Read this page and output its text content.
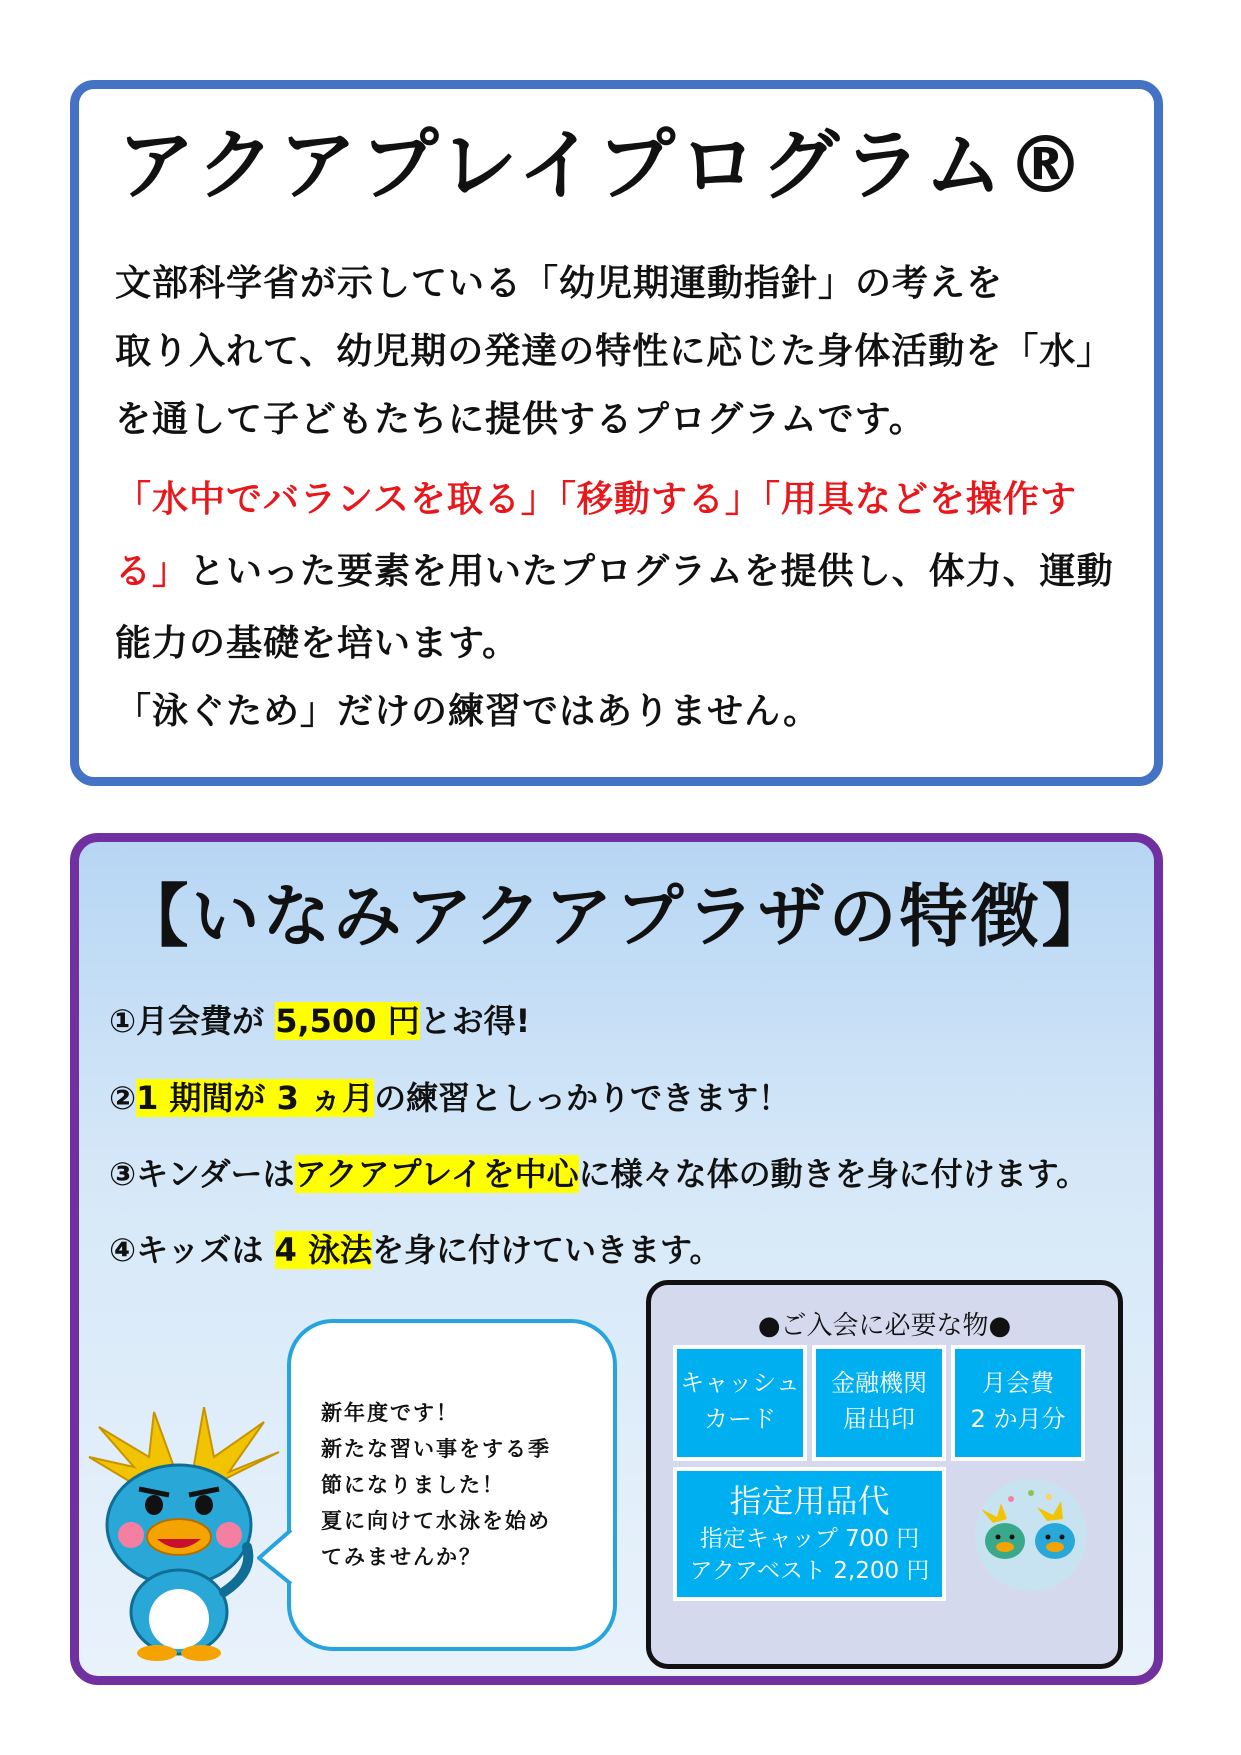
アクアプレイプログラム®
文部科学省が示している「幼児期運動指針」の考えを
取り入れて、幼児期の発達の特性に応じた身体活動を「水」
を通して子どもたちに提供するプログラムです。
「水中でバランスを取る」「移動する」「用具などを操作す
る」といった要素を用いたプログラムを提供し、体力、運動
能力の基礎を培います。
「泳ぐため」だけの練習ではありません。
【いなみアクアプラザの特徴】
①月会費が 5,500 円とお得!
②1 期間が 3 ヵ月の練習としっかりできます！
③キンダーはアクアプレイを中心に様々な体の動きを身に付けます。
④キッズは 4 泳法を身に付けていきます。
新年度です！
新たな習い事をする季
節になりました！
夏に向けて水泳を始め
てみませんか？
●ご入会に必要な物●
キャッシュ
カード
金融機関
届出印
月会費
2 か月分
指定用品代
指定キャップ 700 円
アクアベスト 2,200 円
